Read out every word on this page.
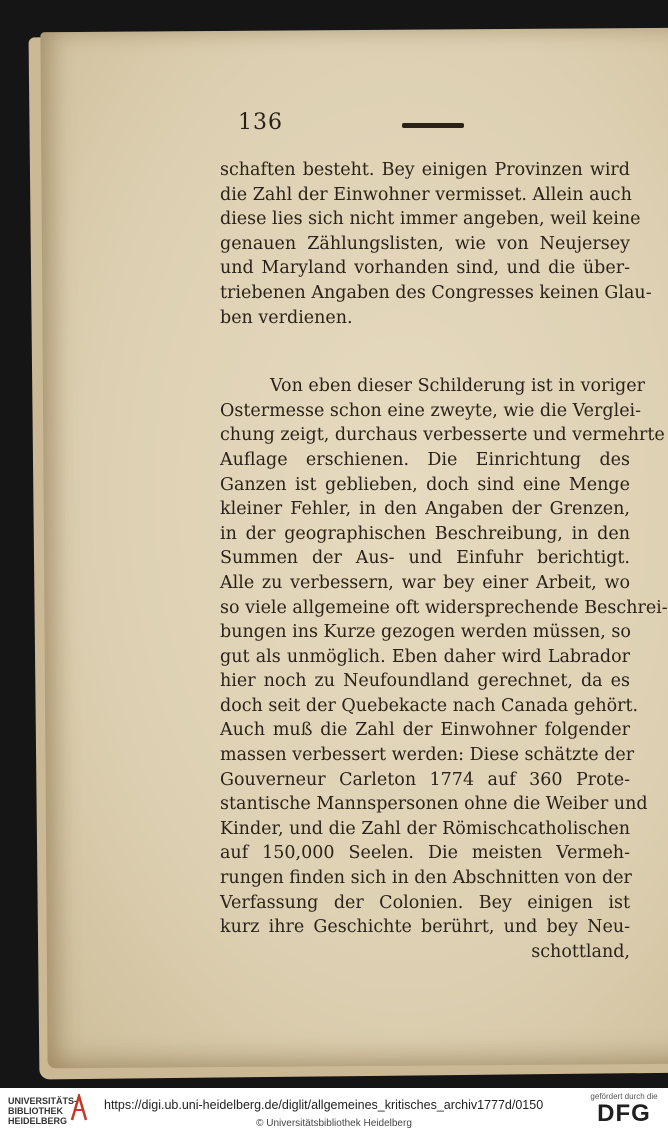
136
schaften besteht. Bey einigen Provinzen wird
die Zahl der Einwohner vermisset. Allein auch
diese lies sich nicht immer angeben, weil keine
genauen Zählungslisten, wie von Neujersey
und Maryland vorhanden sind, und die über-
triebenen Angaben des Congresses keinen Glau-
ben verdienen.
Von eben dieser Schilderung ist in voriger
Ostermesse schon eine zweyte, wie die Verglei-
chung zeigt, durchaus verbesserte und vermehrte
Auflage erschienen. Die Einrichtung des
Ganzen ist geblieben, doch sind eine Menge
kleiner Fehler, in den Angaben der Grenzen,
in der geographischen Beschreibung, in den
Summen der Aus- und Einfuhr berichtigt.
Alle zu verbessern, war bey einer Arbeit, wo
so viele allgemeine oft widersprechende Beschrei-
bungen ins Kurze gezogen werden müssen, so
gut als unmöglich. Eben daher wird Labrador
hier noch zu Neufoundland gerechnet, da es
doch seit der Quebekacte nach Canada gehört.
Auch muß die Zahl der Einwohner folgender
massen verbessert werden: Diese schätzte der
Gouverneur Carleton 1774 auf 360 Prote-
stantische Mannspersonen ohne die Weiber und
Kinder, und die Zahl der Römischcatholischen
auf 150,000 Seelen. Die meisten Vermeh-
rungen finden sich in den Abschnitten von der
Verfassung der Colonien. Bey einigen ist
kurz ihre Geschichte berührt, und bey Neu-
schottland,
UNIVERSITÄTS-
BIBLIOTHEK
HEIDELBERG
https://digi.ub.uni-heidelberg.de/diglit/allgemeines_kritisches_archiv1777d/0150
© Universitätsbibliothek Heidelberg
gefördert durch die
DFG
